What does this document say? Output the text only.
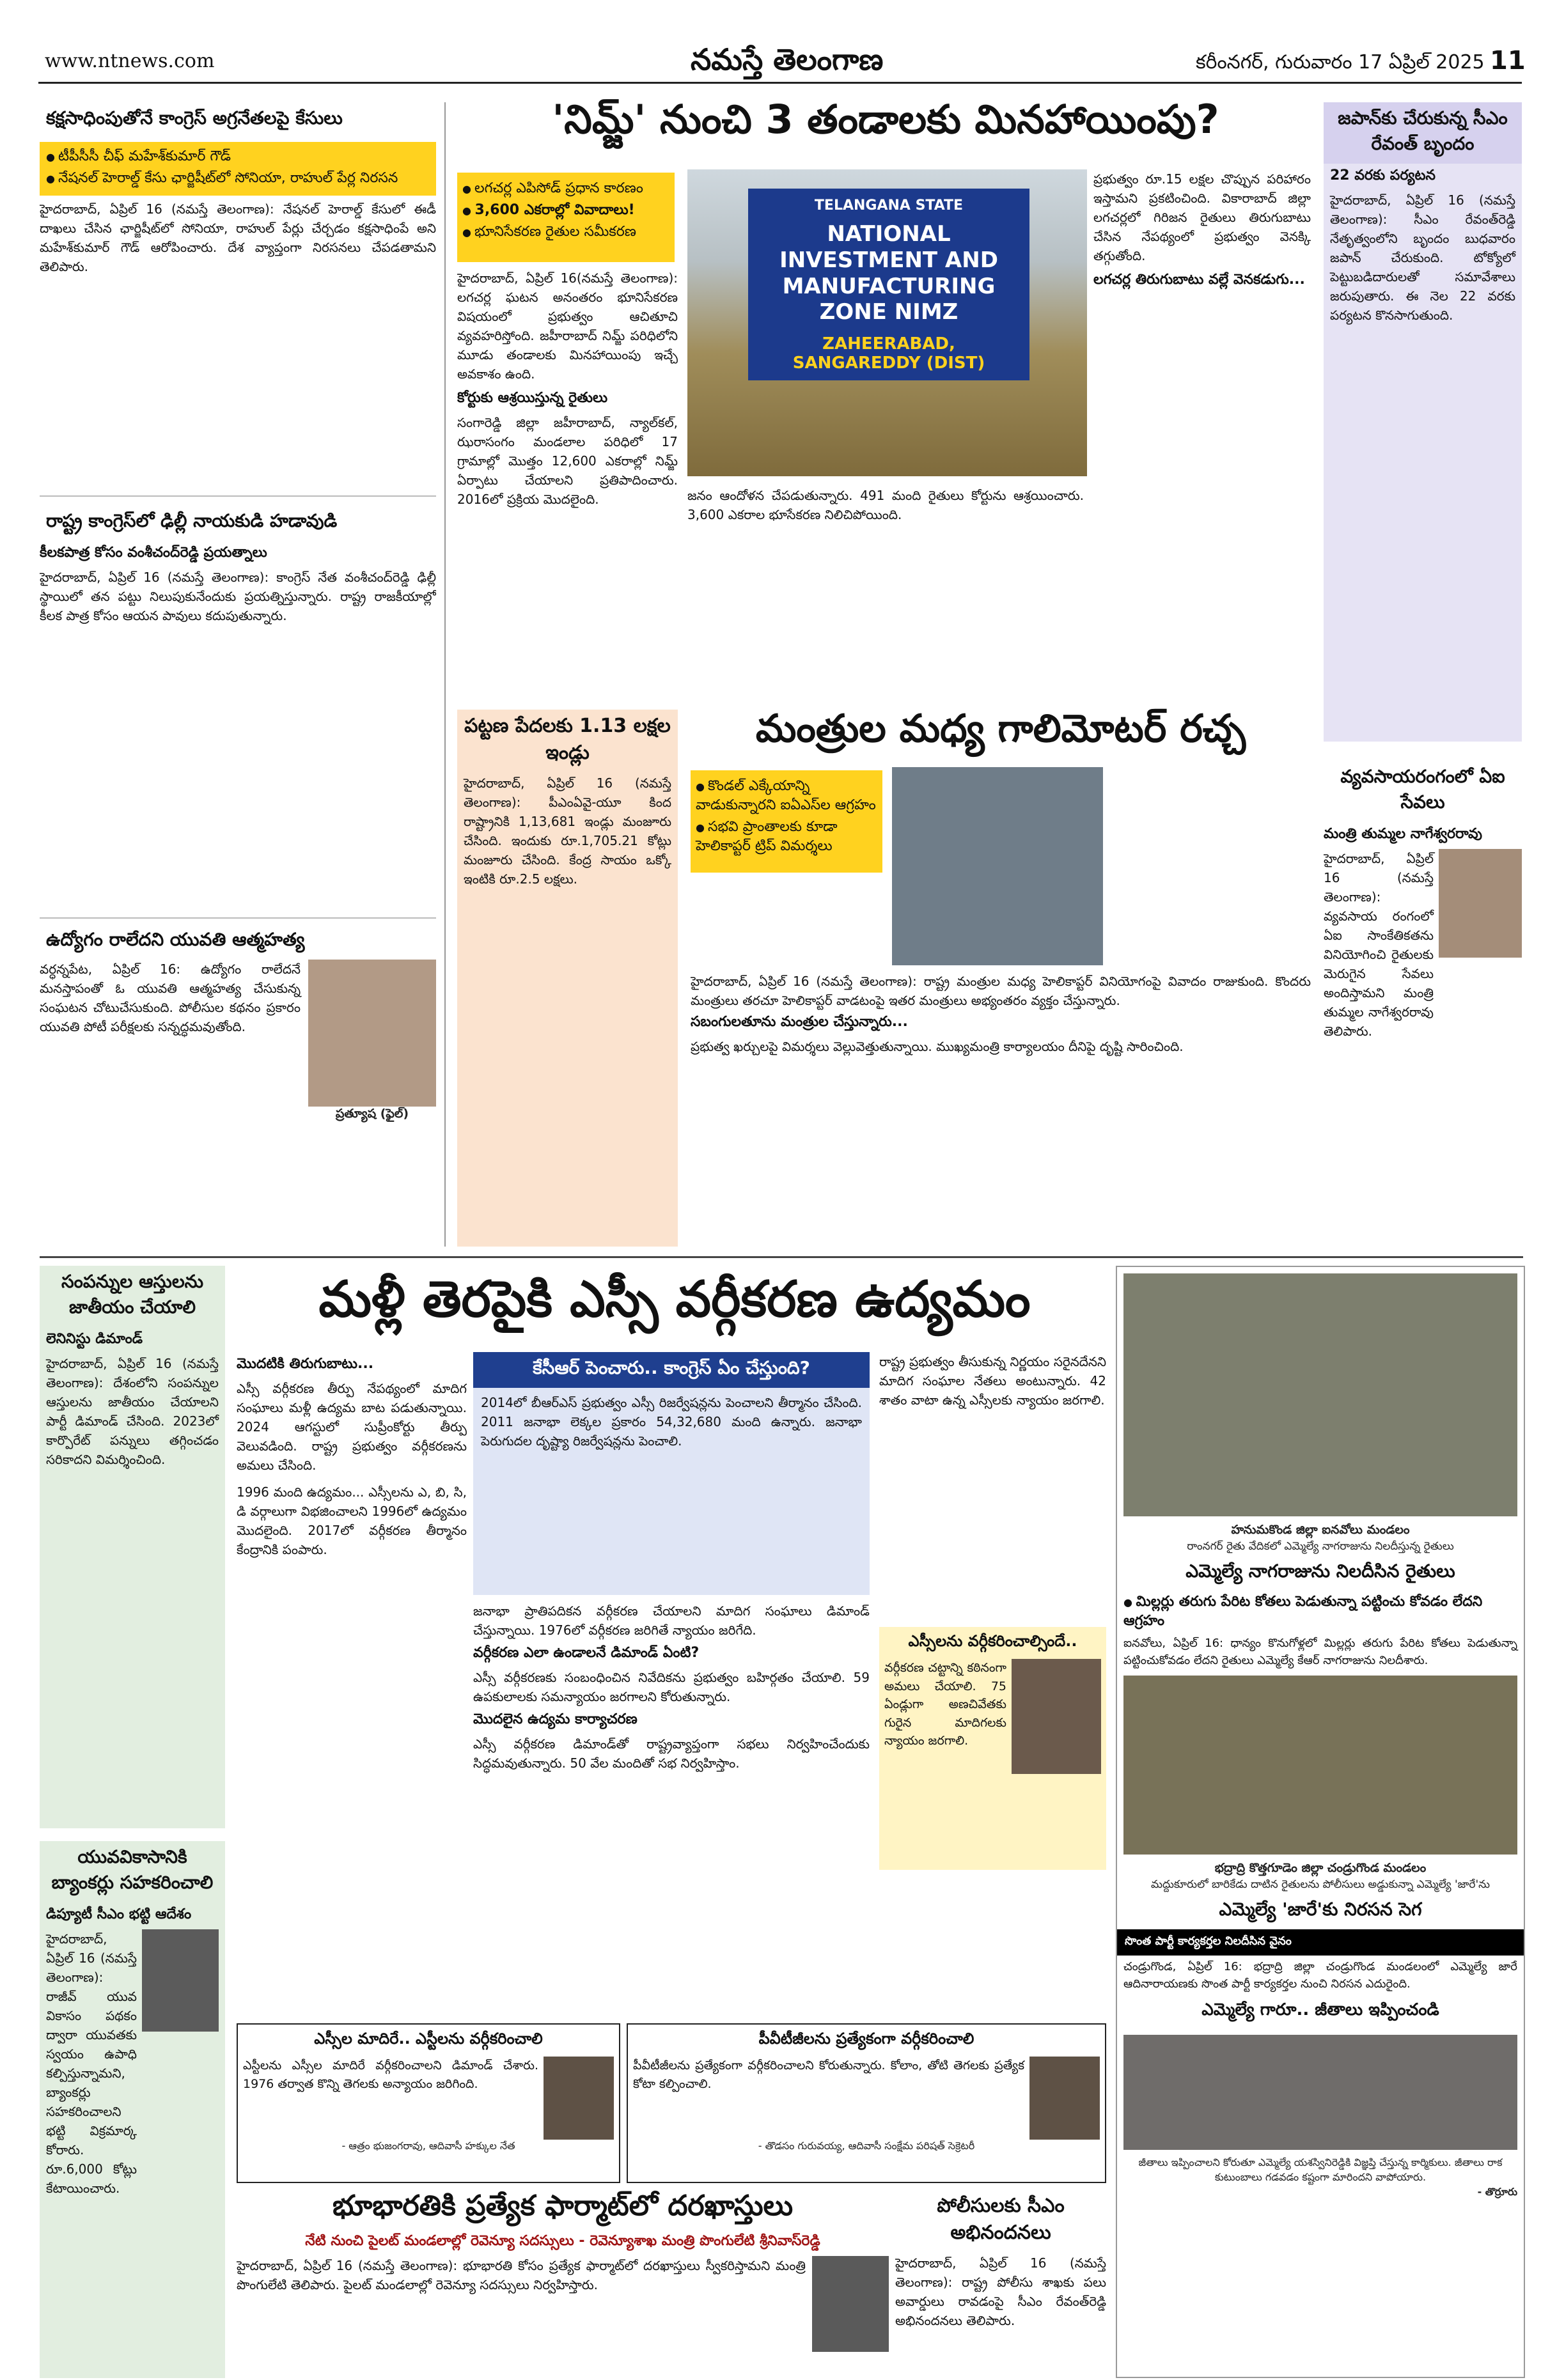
www.ntnews.com	నమస్తే తెలంగాణ	కరీంనగర్, గురువారం 17 ఏప్రిల్ 2025 11
కక్షసాధింపుతోనే కాంగ్రెస్ అగ్రనేతలపై కేసులు
● టీపీసీసీ చీఫ్ మహేశ్‌కుమార్ గౌడ్
● నేషనల్ హెరాల్డ్ కేసు ఛార్జిషీట్‌లో సోనియా, రాహుల్ పేర్ల నిరసన
హైదరాబాద్, ఏప్రిల్ 16 (నమస్తే తెలంగాణ): నేషనల్ హెరాల్డ్ కేసులో ఈడీ దాఖలు చేసిన ఛార్జిషీట్‌లో సోనియా, రాహుల్ పేర్లు చేర్చడం కక్షసాధింపే అని మహేశ్‌కుమార్ గౌడ్ ఆరోపించారు. దేశ వ్యాప్తంగా నిరసనలు చేపడతామని తెలిపారు.
రాష్ట్ర కాంగ్రెస్‌లో ఢిల్లీ నాయకుడి హడావుడి
కీలకపాత్ర కోసం వంశీచంద్‌రెడ్డి ప్రయత్నాలు
హైదరాబాద్, ఏప్రిల్ 16 (నమస్తే తెలంగాణ): కాంగ్రెస్ నేత వంశీచంద్‌రెడ్డి ఢిల్లీ స్థాయిలో తన పట్టు నిలుపుకునేందుకు ప్రయత్నిస్తున్నారు. రాష్ట్ర రాజకీయాల్లో కీలక పాత్ర కోసం ఆయన పావులు కదుపుతున్నారు.
ఉద్యోగం రాలేదని యువతి ఆత్మహత్య
వర్ధన్నపేట, ఏప్రిల్ 16: ఉద్యోగం రాలేదనే మనస్తాపంతో ఓ యువతి ఆత్మహత్య చేసుకున్న సంఘటన చోటుచేసుకుంది. పోలీసుల కథనం ప్రకారం యువతి పోటీ పరీక్షలకు సన్నద్ధమవుతోంది.
ప్రత్యూష (ఫైల్)
'నిమ్జ్' నుంచి 3 తండాలకు మినహాయింపు?
● లగచర్ల ఎపిసోడ్ ప్రధాన కారణం
● 3,600 ఎకరాల్లో వివాదాలు!
● భూనిసేకరణ రైతుల సమీకరణ
TELANGANA STATE
NATIONAL INVESTMENT AND MANUFACTURING ZONE NIMZ
ZAHEERABAD, SANGAREDDY (DIST)
హైదరాబాద్, ఏప్రిల్ 16(నమస్తే తెలంగాణ): లగచర్ల ఘటన అనంతరం భూనిసేకరణ విషయంలో ప్రభుత్వం ఆచితూచి వ్యవహరిస్తోంది. జహీరాబాద్ నిమ్జ్ పరిధిలోని మూడు తండాలకు మినహాయింపు ఇచ్చే అవకాశం ఉంది.
కోర్టుకు ఆశ్రయిస్తున్న రైతులు
సంగారెడ్డి జిల్లా జహీరాబాద్, న్యాల్‌కల్, ఝరాసంగం మండలాల పరిధిలో 17 గ్రామాల్లో మొత్తం 12,600 ఎకరాల్లో నిమ్జ్ ఏర్పాటు చేయాలని ప్రతిపాదించారు. 2016లో ప్రక్రియ మొదలైంది.	జనం ఆందోళన చేపడుతున్నారు. 491 మంది రైతులు కోర్టును ఆశ్రయించారు. 3,600 ఎకరాల భూసేకరణ నిలిచిపోయింది.
ప్రభుత్వం రూ.15 లక్షల చొప్పున పరిహారం ఇస్తామని ప్రకటించింది. వికారాబాద్ జిల్లా లగచర్లలో గిరిజన రైతులు తిరుగుబాటు చేసిన నేపథ్యంలో ప్రభుత్వం వెనక్కి తగ్గుతోంది.
లగచర్ల తిరుగుబాటు వల్లే వెనకడుగు...
జపాన్‌కు చేరుకున్న సీఎం రేవంత్ బృందం
22 వరకు పర్యటన
హైదరాబాద్, ఏప్రిల్ 16 (నమస్తే తెలంగాణ): సీఎం రేవంత్‌రెడ్డి నేతృత్వంలోని బృందం బుధవారం జపాన్ చేరుకుంది. టోక్యోలో పెట్టుబడిదారులతో సమావేశాలు జరుపుతారు. ఈ నెల 22 వరకు పర్యటన కొనసాగుతుంది.
వ్యవసాయరంగంలో ఏఐ సేవలు
మంత్రి తుమ్మల నాగేశ్వరరావు
హైదరాబాద్, ఏప్రిల్ 16 (నమస్తే తెలంగాణ): వ్యవసాయ రంగంలో ఏఐ సాంకేతికతను వినియోగించి రైతులకు మెరుగైన సేవలు అందిస్తామని మంత్రి తుమ్మల నాగేశ్వరరావు తెలిపారు.
పట్టణ పేదలకు 1.13 లక్షల ఇండ్లు
హైదరాబాద్, ఏప్రిల్ 16 (నమస్తే తెలంగాణ): పీఎంఏవై-యూ కింద రాష్ట్రానికి 1,13,681 ఇండ్లు మంజూరు చేసింది. ఇందుకు రూ.1,705.21 కోట్లు మంజూరు చేసింది. కేంద్ర సాయం ఒక్కో ఇంటికి రూ.2.5 లక్షలు.
మంత్రుల మధ్య గాలిమోటర్ రచ్చ
● కొండల్ ఎక్కేయాన్ని వాడుకున్నారని ఐఏఎస్‌ల ఆగ్రహం
● సభవి ప్రాంతాలకు కూడా హెలికాప్టర్ ట్రిప్ విమర్శలు
హైదరాబాద్, ఏప్రిల్ 16 (నమస్తే తెలంగాణ): రాష్ట్ర మంత్రుల మధ్య హెలికాప్టర్ వినియోగంపై వివాదం రాజుకుంది. కొందరు మంత్రులు తరచూ హెలికాప్టర్ వాడటంపై ఇతర మంత్రులు అభ్యంతరం వ్యక్తం చేస్తున్నారు.
సబంగులతూను మంత్రుల చేస్తున్నారు...
ప్రభుత్వ ఖర్చులపై విమర్శలు వెల్లువెత్తుతున్నాయి. ముఖ్యమంత్రి కార్యాలయం దీనిపై దృష్టి సారించింది.
సంపన్నుల ఆస్తులను జాతీయం చేయాలి
లెనినిస్టు డిమాండ్
హైదరాబాద్, ఏప్రిల్ 16 (నమస్తే తెలంగాణ): దేశంలోని సంపన్నుల ఆస్తులను జాతీయం చేయాలని పార్టీ డిమాండ్ చేసింది. 2023లో కార్పొరేట్ పన్నులు తగ్గించడం సరికాదని విమర్శించింది.
యువవికాసానికి బ్యాంకర్లు సహకరించాలి
డిప్యూటీ సీఎం భట్టి ఆదేశం
హైదరాబాద్, ఏప్రిల్ 16 (నమస్తే తెలంగాణ): రాజీవ్ యువ వికాసం పథకం ద్వారా యువతకు స్వయం ఉపాధి కల్పిస్తున్నామని, బ్యాంకర్లు సహకరించాలని భట్టి విక్రమార్క కోరారు. రూ.6,000 కోట్లు కేటాయించారు.
మళ్లీ తెరపైకి ఎస్సీ వర్గీకరణ ఉద్యమం
మొదటికి తిరుగుబాటు...
ఎస్సీ వర్గీకరణ తీర్పు నేపథ్యంలో మాదిగ సంఘాలు మళ్లీ ఉద్యమ బాట పడుతున్నాయి. 2024 ఆగస్టులో సుప్రీంకోర్టు తీర్పు వెలువడింది. రాష్ట్ర ప్రభుత్వం వర్గీకరణను అమలు చేసింది.
1996 మంది ఉద్యమం... ఎస్సీలను ఎ, బి, సి, డి వర్గాలుగా విభజించాలని 1996లో ఉద్యమం మొదలైంది. 2017లో వర్గీకరణ తీర్మానం కేంద్రానికి పంపారు.
కేసీఆర్ పెంచారు.. కాంగ్రెస్ ఏం చేస్తుంది?
2014లో బీఆర్ఎస్ ప్రభుత్వం ఎస్సీ రిజర్వేషన్లను పెంచాలని తీర్మానం చేసింది. 2011 జనాభా లెక్కల ప్రకారం 54,32,680 మంది ఉన్నారు. జనాభా పెరుగుదల దృష్ట్యా రిజర్వేషన్లను పెంచాలి.
జనాభా ప్రాతిపదికన వర్గీకరణ చేయాలని మాదిగ సంఘాలు డిమాండ్ చేస్తున్నాయి. 1976లో వర్గీకరణ జరిగితే న్యాయం జరిగేది.
వర్గీకరణ ఎలా ఉండాలనే డిమాండ్ ఏంటి?
ఎస్సీ వర్గీకరణకు సంబంధించిన నివేదికను ప్రభుత్వం బహిర్గతం చేయాలి. 59 ఉపకులాలకు సమన్యాయం జరగాలని కోరుతున్నారు.
మొదలైన ఉద్యమ కార్యాచరణ
ఎస్సీ వర్గీకరణ డిమాండ్‌తో రాష్ట్రవ్యాప్తంగా సభలు నిర్వహించేందుకు సిద్ధమవుతున్నారు. 50 వేల మందితో సభ నిర్వహిస్తాం.
రాష్ట్ర ప్రభుత్వం తీసుకున్న నిర్ణయం సరైనదేనని మాదిగ సంఘాల నేతలు అంటున్నారు. 42 శాతం వాటా ఉన్న ఎస్సీలకు న్యాయం జరగాలి.
ఎస్సీలను వర్గీకరించాల్సిందే..
వర్గీకరణ చట్టాన్ని కఠినంగా అమలు చేయాలి. 75 ఏండ్లుగా అణచివేతకు గురైన మాదిగలకు న్యాయం జరగాలి.
ఎస్సీల మాదిరే.. ఎస్టీలను వర్గీకరించాలి
ఎస్టీలను ఎస్సీల మాదిరే వర్గీకరించాలని డిమాండ్ చేశారు. 1976 తర్వాత కొన్ని తెగలకు అన్యాయం జరిగింది.
- ఆత్రం భుజంగరావు, ఆదివాసీ హక్కుల నేత
పీవీటీజీలను ప్రత్యేకంగా వర్గీకరించాలి
పీవీటీజీలను ప్రత్యేకంగా వర్గీకరించాలని కోరుతున్నారు. కోలాం, తోటి తెగలకు ప్రత్యేక కోటా కల్పించాలి.
- తొడసం గురువయ్య, ఆదివాసీ సంక్షేమ పరిషత్ సెక్రెటరీ
భూభారతికి ప్రత్యేక ఫార్మాట్‌లో దరఖాస్తులు
నేటి నుంచి పైలట్ మండలాల్లో రెవెన్యూ సదస్సులు - రెవెన్యూశాఖ మంత్రి పొంగులేటి శ్రీనివాస్‌రెడ్డి
హైదరాబాద్, ఏప్రిల్ 16 (నమస్తే తెలంగాణ): భూభారతి కోసం ప్రత్యేక ఫార్మాట్‌లో దరఖాస్తులు స్వీకరిస్తామని మంత్రి పొంగులేటి తెలిపారు. పైలట్ మండలాల్లో రెవెన్యూ సదస్సులు నిర్వహిస్తారు.
పోలీసులకు సీఎం అభినందనలు
హైదరాబాద్, ఏప్రిల్ 16 (నమస్తే తెలంగాణ): రాష్ట్ర పోలీసు శాఖకు పలు అవార్డులు రావడంపై సీఎం రేవంత్‌రెడ్డి అభినందనలు తెలిపారు.
హనుమకొండ జిల్లా ఐనవోలు మండలం
రాంనగర్ రైతు వేదికలో ఎమ్మెల్యే నాగరాజును నిలదీస్తున్న రైతులు
ఎమ్మెల్యే నాగరాజును నిలదీసిన రైతులు
● మిల్లర్లు తరుగు పేరిట కోతలు పెడుతున్నా పట్టించు కోవడం లేదని ఆగ్రహం
ఐనవోలు, ఏప్రిల్ 16: ధాన్యం కొనుగోళ్లలో మిల్లర్లు తరుగు పేరిట కోతలు పెడుతున్నా పట్టించుకోవడం లేదని రైతులు ఎమ్మెల్యే కేఆర్ నాగరాజును నిలదీశారు.
భద్రాద్రి కొత్తగూడెం జిల్లా చండ్రుగొండ మండలం
మద్దుకూరులో బారికేడు దాటిన రైతులను పోలీసులు అడ్డుకున్నా ఎమ్మెల్యే 'జారే'ను
ఎమ్మెల్యే 'జారే'కు నిరసన సెగ
సొంత పార్టీ కార్యకర్తల నిలదీసిన వైనం
చండ్రుగొండ, ఏప్రిల్ 16: భద్రాద్రి జిల్లా చండ్రుగొండ మండలంలో ఎమ్మెల్యే జారే ఆదినారాయణకు సొంత పార్టీ కార్యకర్తల నుంచి నిరసన ఎదురైంది.
ఎమ్మెల్యే గారూ.. జీతాలు ఇప్పించండి
జీతాలు ఇప్పించాలని కోరుతూ ఎమ్మెల్యే యశస్వినిరెడ్డికి విజ్ఞప్తి చేస్తున్న కార్మికులు. జీతాలు రాక కుటుంబాలు గడవడం కష్టంగా మారిందని వాపోయారు.
- తొర్రూరు
